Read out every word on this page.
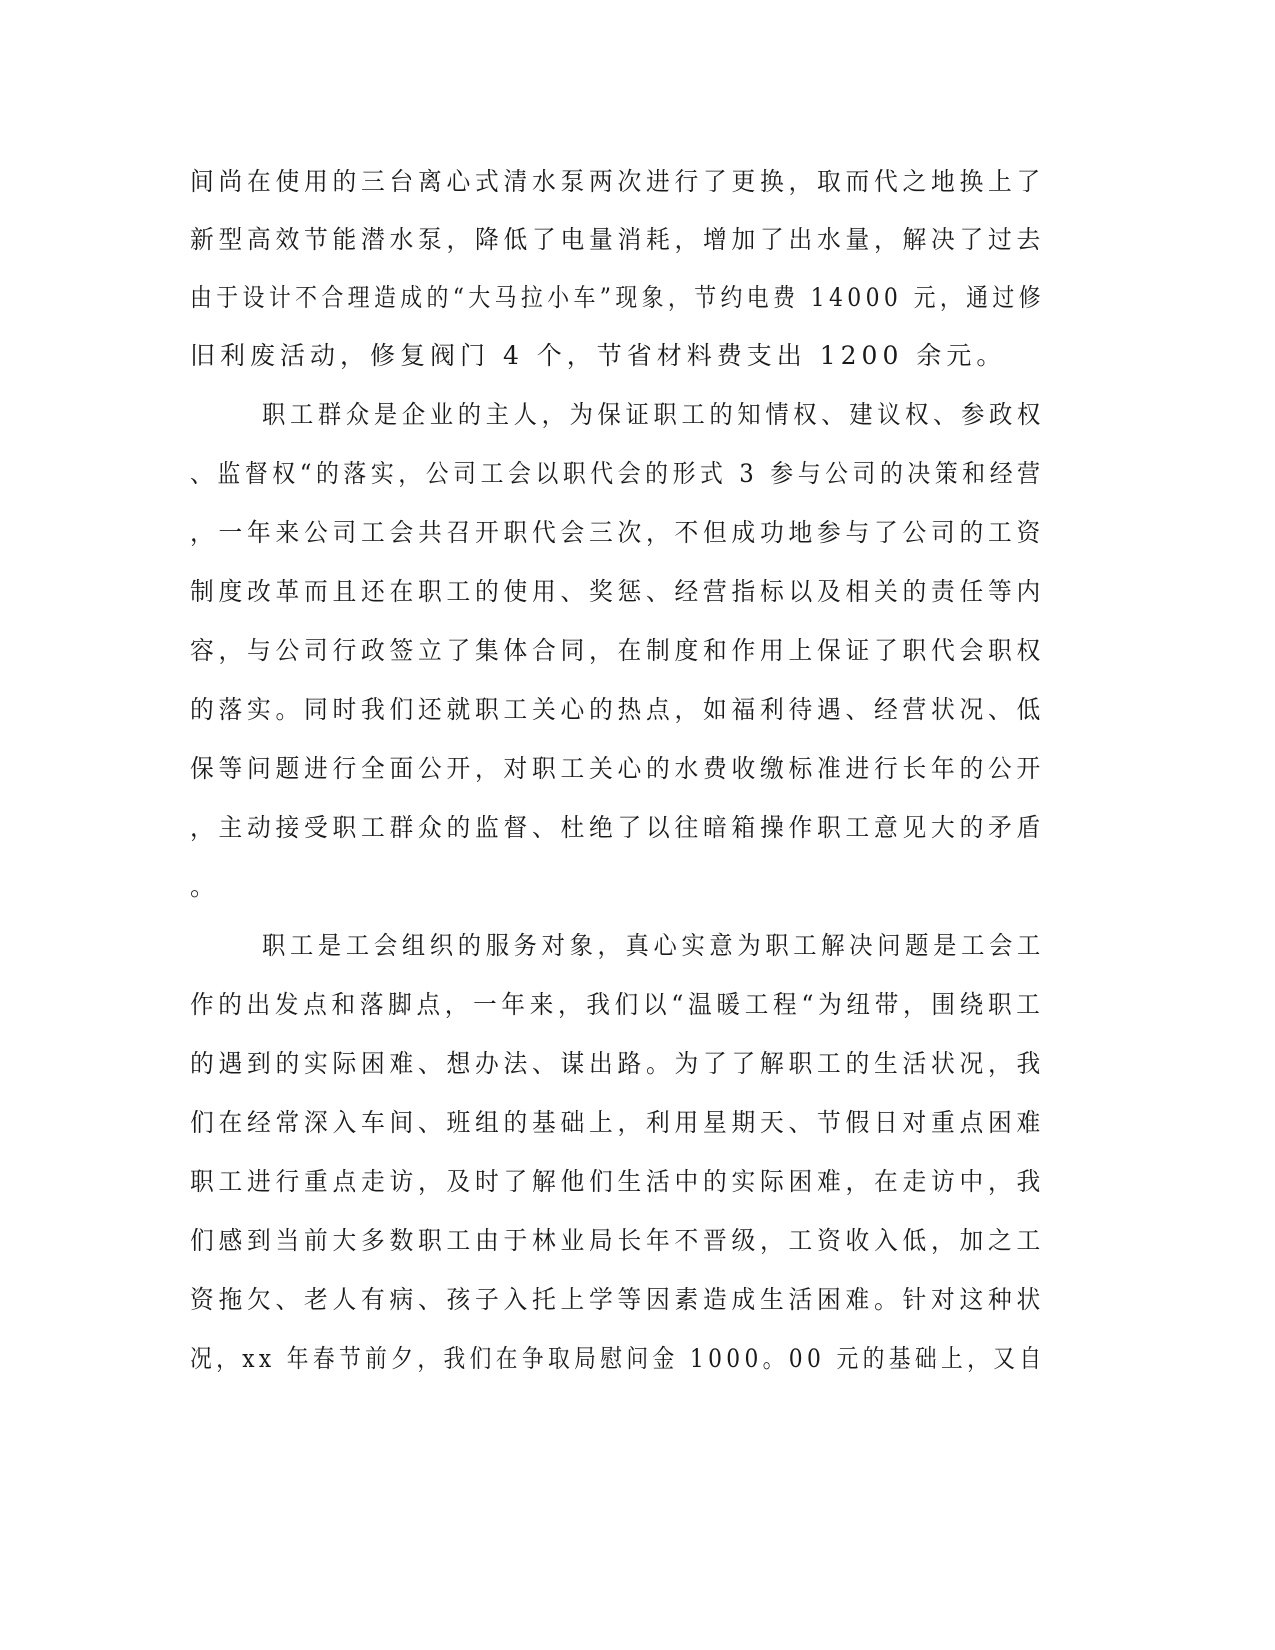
间尚在使用的三台离心式清水泵两次进行了更换，取而代之地换上了
新型高效节能潜水泵，降低了电量消耗，增加了出水量，解决了过去
由于设计不合理造成的“大马拉小车”现象，节约电费 14000 元，通过修
旧利废活动，修复阀门 4 个，节省材料费支出 1200 余元。
职工群众是企业的主人，为保证职工的知情权、建议权、参政权
、监督权“的落实，公司工会以职代会的形式 3 参与公司的决策和经营
，一年来公司工会共召开职代会三次，不但成功地参与了公司的工资
制度改革而且还在职工的使用、奖惩、经营指标以及相关的责任等内
容，与公司行政签立了集体合同，在制度和作用上保证了职代会职权
的落实。同时我们还就职工关心的热点，如福利待遇、经营状况、低
保等问题进行全面公开，对职工关心的水费收缴标准进行长年的公开
，主动接受职工群众的监督、杜绝了以往暗箱操作职工意见大的矛盾
。
职工是工会组织的服务对象，真心实意为职工解决问题是工会工
作的出发点和落脚点，一年来，我们以“温暖工程“为纽带，围绕职工
的遇到的实际困难、想办法、谋出路。为了了解职工的生活状况，我
们在经常深入车间、班组的基础上，利用星期天、节假日对重点困难
职工进行重点走访，及时了解他们生活中的实际困难，在走访中，我
们感到当前大多数职工由于林业局长年不晋级，工资收入低，加之工
资拖欠、老人有病、孩子入托上学等因素造成生活困难。针对这种状
况，xx 年春节前夕，我们在争取局慰问金 1000。00 元的基础上，又自
